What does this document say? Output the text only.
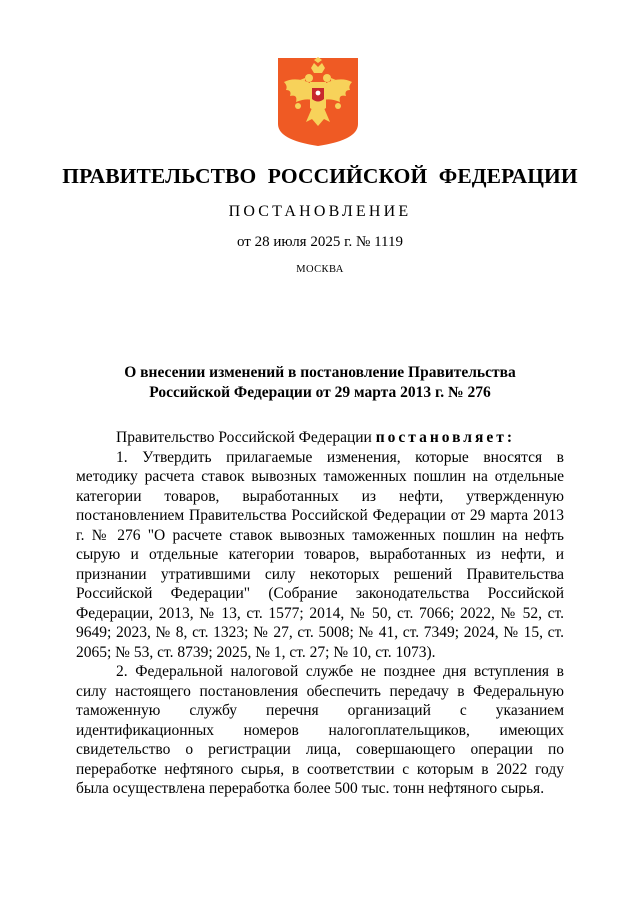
ПРАВИТЕЛЬСТВО РОССИЙСКОЙ ФЕДЕРАЦИИ
ПОСТАНОВЛЕНИЕ
от 28 июля 2025 г. № 1119
МОСКВА
О внесении изменений в постановление Правительства
Российской Федерации от 29 марта 2013 г. № 276

Правительство Российской Федерации постановляет:

1. Утвердить прилагаемые изменения, которые вносятся в методику расчета ставок вывозных таможенных пошлин на отдельные категории товаров, выработанных из нефти, утвержденную постановлением Правительства Российской Федерации от 29 марта 2013 г. № 276 "О расчете ставок вывозных таможенных пошлин на нефть сырую и отдельные категории товаров, выработанных из нефти, и признании утратившими силу некоторых решений Правительства Российской Федерации" (Собрание законодательства Российской Федерации, 2013, № 13, ст. 1577; 2014, № 50, ст. 7066; 2022, № 52, ст. 9649; 2023, № 8, ст. 1323; № 27, ст. 5008; № 41, ст. 7349; 2024, № 15, ст. 2065; № 53, ст. 8739; 2025, № 1, ст. 27; № 10, ст. 1073).

2. Федеральной налоговой службе не позднее дня вступления в силу настоящего постановления обеспечить передачу в Федеральную таможенную службу перечня организаций с указанием идентификационных номеров налогоплательщиков, имеющих свидетельство о регистрации лица, совершающего операции по переработке нефтяного сырья, в соответствии с которым в 2022 году была осуществлена переработка более 500 тыс. тонн нефтяного сырья.
